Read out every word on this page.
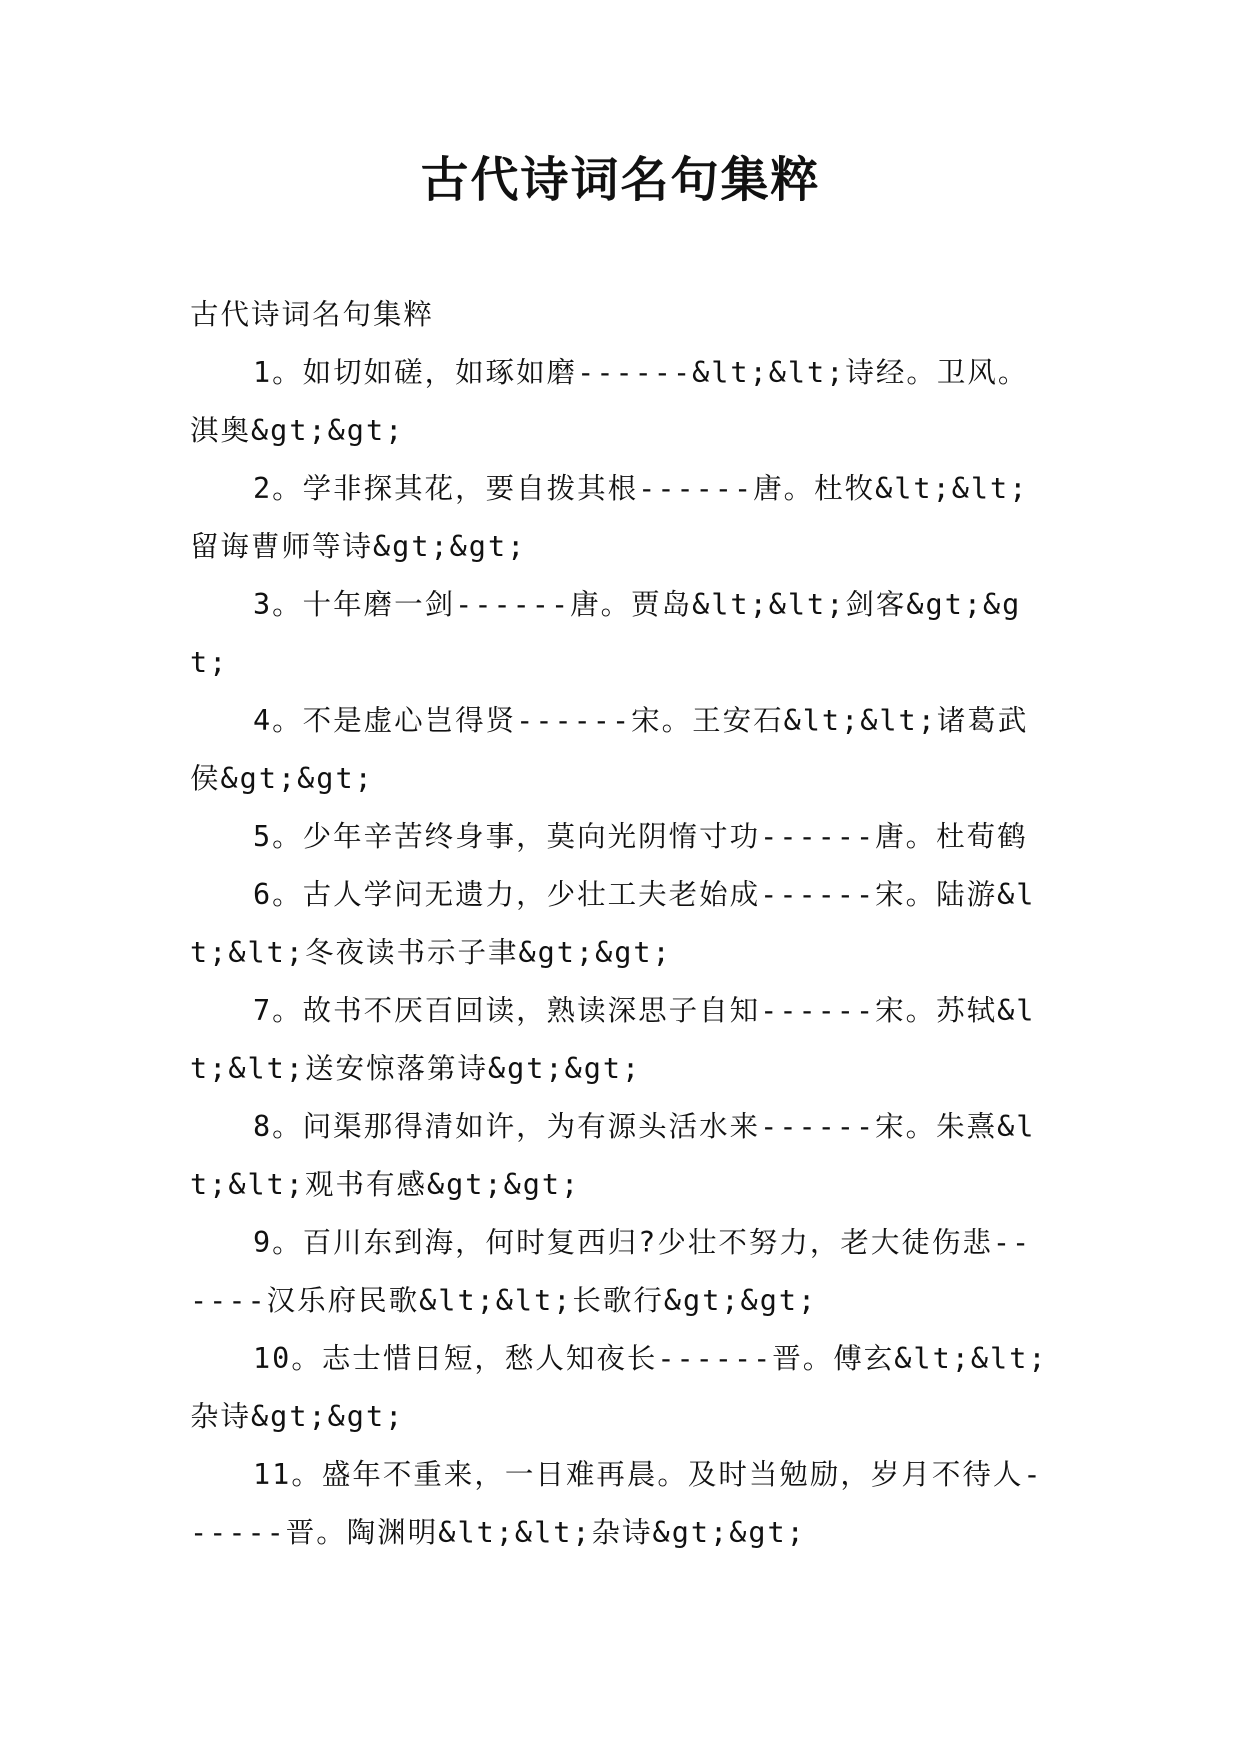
古代诗词名句集粹

古代诗词名句集粹

1。如切如磋，如琢如磨------&lt;&lt;诗经。卫风。淇奥&gt;&gt;

2。学非探其花，要自拨其根------唐。杜牧&lt;&lt;留诲曹师等诗&gt;&gt;

3。十年磨一剑------唐。贾岛&lt;&lt;剑客&gt;&gt;

4。不是虚心岂得贤------宋。王安石&lt;&lt;诸葛武侯&gt;&gt;

5。少年辛苦终身事，莫向光阴惰寸功------唐。杜荀鹤

6。古人学问无遗力，少壮工夫老始成------宋。陆游&lt;&lt;冬夜读书示子聿&gt;&gt;

7。故书不厌百回读，熟读深思子自知------宋。苏轼&lt;&lt;送安惊落第诗&gt;&gt;

8。问渠那得清如许，为有源头活水来------宋。朱熹&lt;&lt;观书有感&gt;&gt;

9。百川东到海，何时复西归?少壮不努力，老大徒伤悲------汉乐府民歌&lt;&lt;长歌行&gt;&gt;

10。志士惜日短，愁人知夜长------晋。傅玄&lt;&lt;杂诗&gt;&gt;

11。盛年不重来，一日难再晨。及时当勉励，岁月不待人------晋。陶渊明&lt;&lt;杂诗&gt;&gt;
